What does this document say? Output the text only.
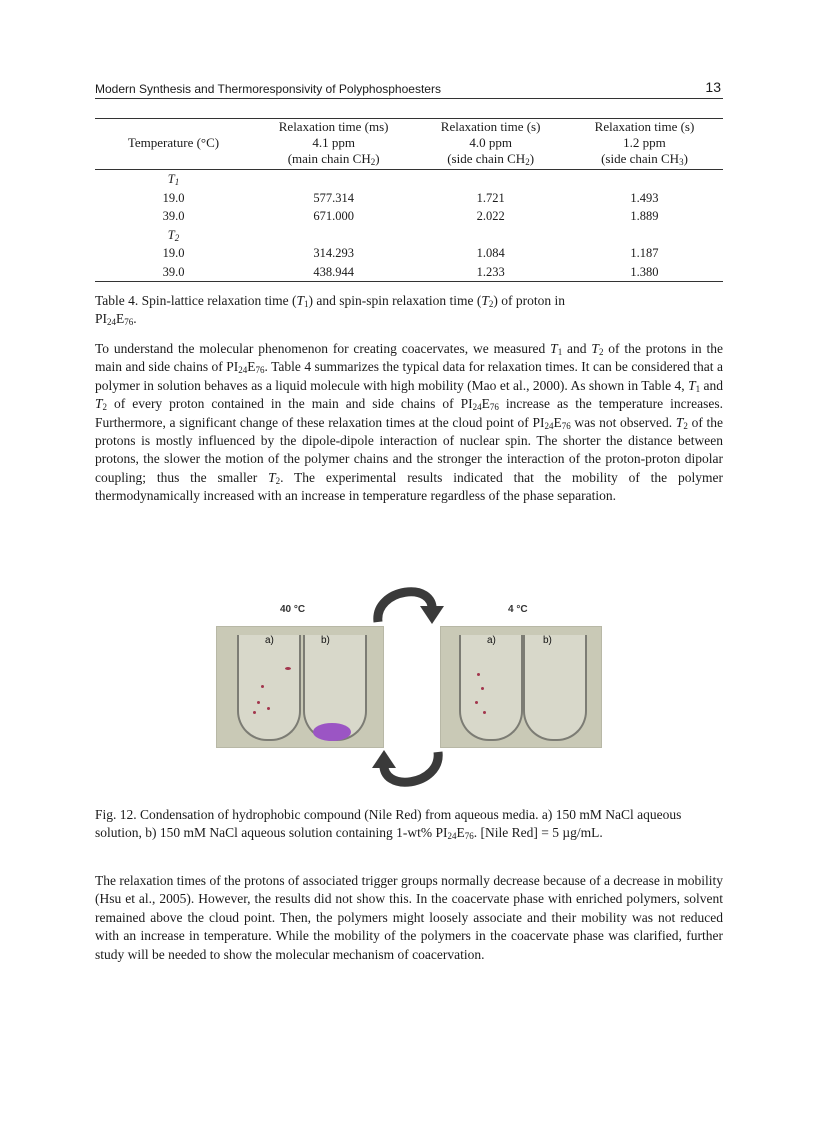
Modern Synthesis and Thermoresponsivity of Polyphosphoesters	13
	Relaxation time (ms)	Relaxation time (s)	Relaxation time (s)
Temperature (°C)	4.1 ppm	4.0 ppm	1.2 ppm
	(main chain $CH_2$)	(side chain $CH_2$)	(side chain $CH_3$)
$T_1$			
19.0	577.314	1.721	1.493
39.0	671.000	2.022	1.889
$T_2$			
19.0	314.293	1.084	1.187
39.0	438.944	1.233	1.380
Table 4. Spin-lattice relaxation time $(T_1)$ and spin-spin relaxation time $(T_2)$ of proton in
$PI_{24}E_{76}$.
To understand the molecular phenomenon for creating coacervates, we measured $T_1$ and $T_2$ of the protons in the main and side chains of $PI_{24}E_{76}$. Table 4 summarizes the typical data for relaxation times. It can be considered that a polymer in solution behaves as a liquid molecule with high mobility (Mao et al., 2000). As shown in Table 4, $T_1$ and $T_2$ of every proton contained in the main and side chains of $PI_{24}E_{76}$ increase as the temperature increases. Furthermore, a significant change of these relaxation times at the cloud point of $PI_{24}E_{76}$ was not observed. $T_2$ of the protons is mostly influenced by the dipole-dipole interaction of nuclear spin. The shorter the distance between protons, the slower the motion of the polymer chains and the stronger the interaction of the proton-proton dipolar coupling; thus the smaller $T_2$. The experimental results indicated that the mobility of the polymer thermodynamically increased with an increase in temperature regardless of the phase separation.
40 °C	4 °C
a)	b)	a)	b)
Fig. 12. Condensation of hydrophobic compound (Nile Red) from aqueous media. a) 150 mM NaCl aqueous solution, b) 150 mM NaCl aqueous solution containing 1-wt% $PI_{24}E_{76}$. [Nile Red] = 5 µg/mL.
The relaxation times of the protons of associated trigger groups normally decrease because of a decrease in mobility (Hsu et al., 2005). However, the results did not show this. In the coacervate phase with enriched polymers, solvent remained above the cloud point. Then, the polymers might loosely associate and their mobility was not reduced with an increase in temperature. While the mobility of the polymers in the coacervate phase was clarified, further study will be needed to show the molecular mechanism of coacervation.
